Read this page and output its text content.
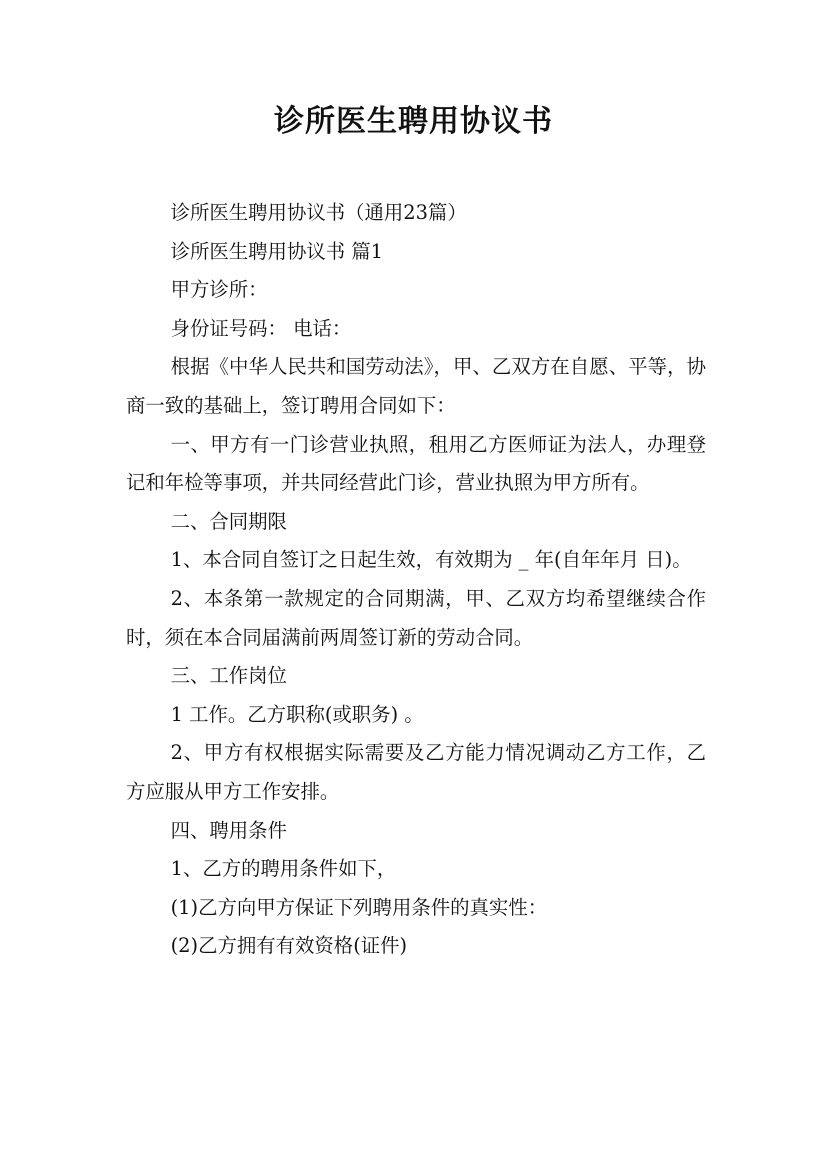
诊所医生聘用协议书

诊所医生聘用协议书（通用23篇）

诊所医生聘用协议书 篇1

甲方诊所：

身份证号码： 电话：

根据《中华人民共和国劳动法》，甲、乙双方在自愿、平等，协商一致的基础上，签订聘用合同如下：

一、甲方有一门诊营业执照，租用乙方医师证为法人，办理登记和年检等事项，并共同经营此门诊，营业执照为甲方所有。

二、合同期限

1、本合同自签订之日起生效，有效期为 _ 年(自年年月 日)。

2、本条第一款规定的合同期满，甲、乙双方均希望继续合作时，须在本合同届满前两周签订新的劳动合同。

三、工作岗位

1 工作。乙方职称(或职务) 。

2、甲方有权根据实际需要及乙方能力情况调动乙方工作，乙方应服从甲方工作安排。

四、聘用条件

1、乙方的聘用条件如下，

(1)乙方向甲方保证下列聘用条件的真实性：

(2)乙方拥有有效资格(证件)
